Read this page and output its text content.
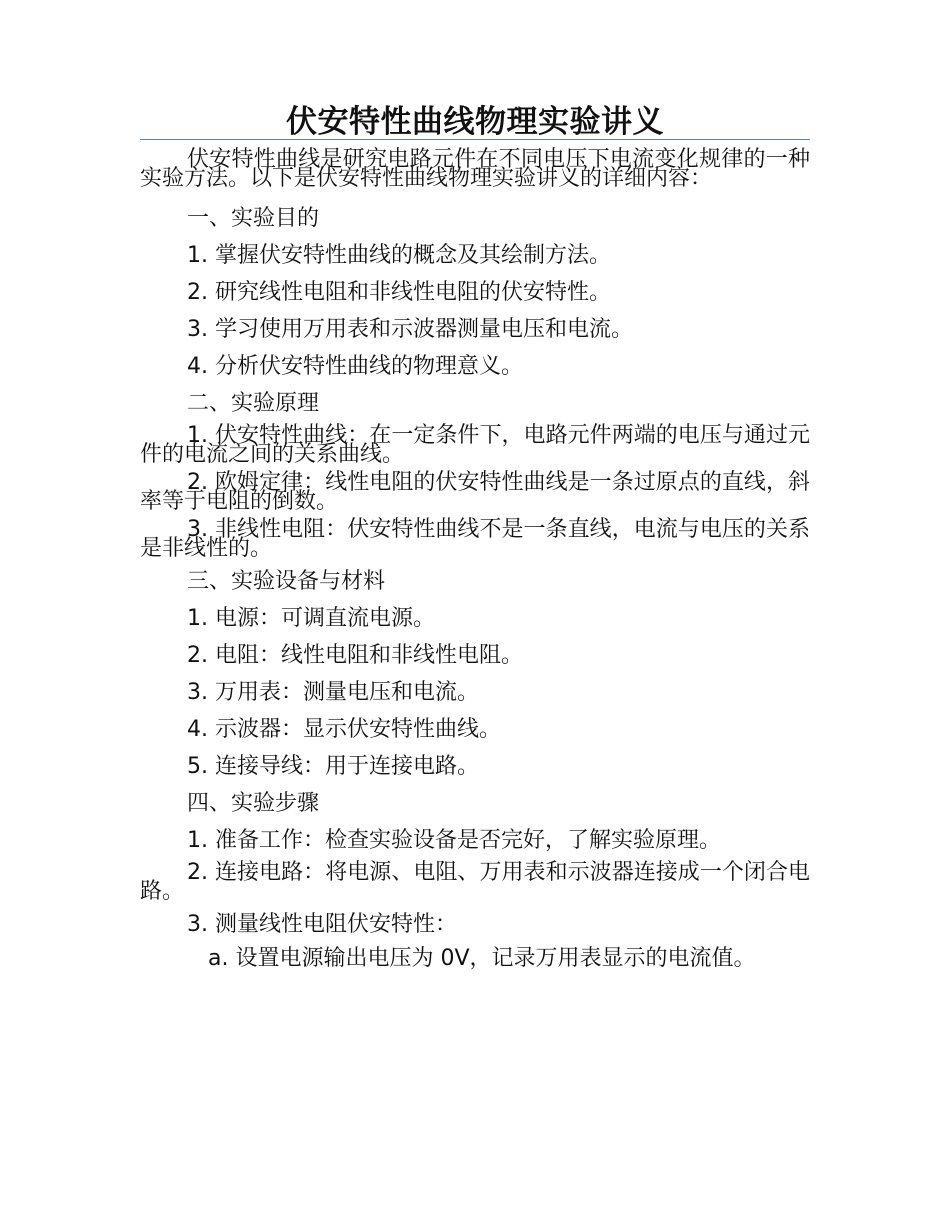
伏安特性曲线物理实验讲义

伏安特性曲线是研究电路元件在不同电压下电流变化规律的一种实验方法。以下是伏安特性曲线物理实验讲义的详细内容：

一、实验目的

1. 掌握伏安特性曲线的概念及其绘制方法。

2. 研究线性电阻和非线性电阻的伏安特性。

3. 学习使用万用表和示波器测量电压和电流。

4. 分析伏安特性曲线的物理意义。

二、实验原理

1. 伏安特性曲线：在一定条件下，电路元件两端的电压与通过元件的电流之间的关系曲线。

2. 欧姆定律：线性电阻的伏安特性曲线是一条过原点的直线，斜率等于电阻的倒数。

3. 非线性电阻：伏安特性曲线不是一条直线，电流与电压的关系是非线性的。

三、实验设备与材料

1. 电源：可调直流电源。

2. 电阻：线性电阻和非线性电阻。

3. 万用表：测量电压和电流。

4. 示波器：显示伏安特性曲线。

5. 连接导线：用于连接电路。

四、实验步骤

1. 准备工作：检查实验设备是否完好，了解实验原理。

2. 连接电路：将电源、电阻、万用表和示波器连接成一个闭合电路。

3. 测量线性电阻伏安特性：

a. 设置电源输出电压为 0V，记录万用表显示的电流值。
